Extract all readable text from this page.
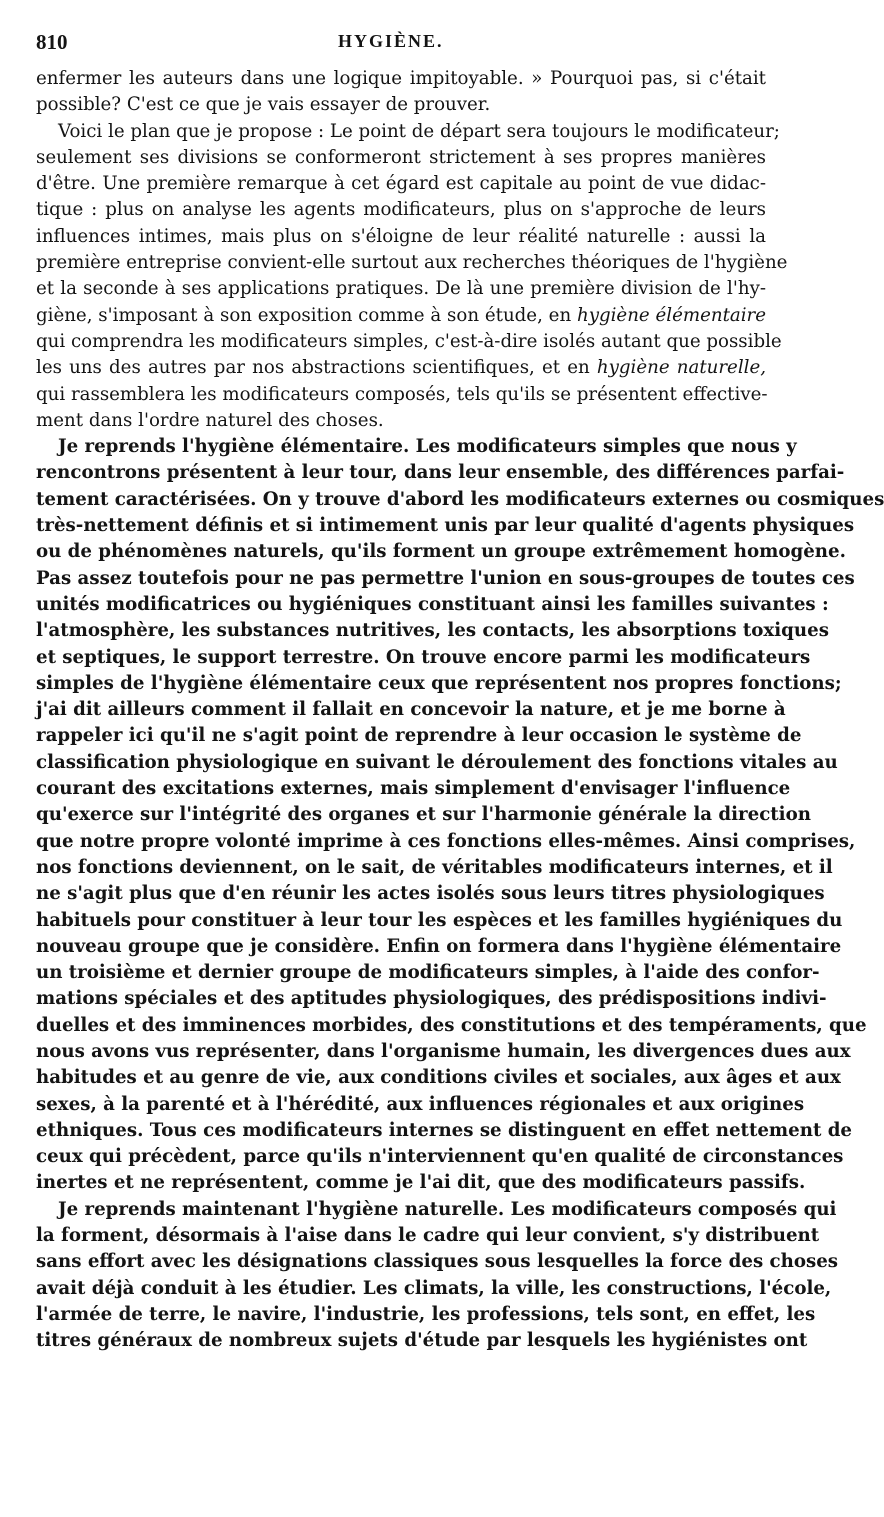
810	HYGIÈNE.
enfermer les auteurs dans une logique impitoyable. » Pourquoi pas, si c'était
possible? C'est ce que je vais essayer de prouver.
Voici le plan que je propose : Le point de départ sera toujours le modificateur;
seulement ses divisions se conformeront strictement à ses propres manières
d'être. Une première remarque à cet égard est capitale au point de vue didac-
tique : plus on analyse les agents modificateurs, plus on s'approche de leurs
influences intimes, mais plus on s'éloigne de leur réalité naturelle : aussi la
première entreprise convient-elle surtout aux recherches théoriques de l'hygiène
et la seconde à ses applications pratiques. De là une première division de l'hy-
giène, s'imposant à son exposition comme à son étude, en hygiène élémentaire
qui comprendra les modificateurs simples, c'est-à-dire isolés autant que possible
les uns des autres par nos abstractions scientifiques, et en hygiène naturelle,
qui rassemblera les modificateurs composés, tels qu'ils se présentent effective-
ment dans l'ordre naturel des choses.
Je reprends l'hygiène élémentaire. Les modificateurs simples que nous y
rencontrons présentent à leur tour, dans leur ensemble, des différences parfai-
tement caractérisées. On y trouve d'abord les modificateurs externes ou cosmiques
très-nettement définis et si intimement unis par leur qualité d'agents physiques
ou de phénomènes naturels, qu'ils forment un groupe extrêmement homogène.
Pas assez toutefois pour ne pas permettre l'union en sous-groupes de toutes ces
unités modificatrices ou hygiéniques constituant ainsi les familles suivantes :
l'atmosphère, les substances nutritives, les contacts, les absorptions toxiques
et septiques, le support terrestre. On trouve encore parmi les modificateurs
simples de l'hygiène élémentaire ceux que représentent nos propres fonctions;
j'ai dit ailleurs comment il fallait en concevoir la nature, et je me borne à
rappeler ici qu'il ne s'agit point de reprendre à leur occasion le système de
classification physiologique en suivant le déroulement des fonctions vitales au
courant des excitations externes, mais simplement d'envisager l'influence
qu'exerce sur l'intégrité des organes et sur l'harmonie générale la direction
que notre propre volonté imprime à ces fonctions elles-mêmes. Ainsi comprises,
nos fonctions deviennent, on le sait, de véritables modificateurs internes, et il
ne s'agit plus que d'en réunir les actes isolés sous leurs titres physiologiques
habituels pour constituer à leur tour les espèces et les familles hygiéniques du
nouveau groupe que je considère. Enfin on formera dans l'hygiène élémentaire
un troisième et dernier groupe de modificateurs simples, à l'aide des confor-
mations spéciales et des aptitudes physiologiques, des prédispositions indivi-
duelles et des imminences morbides, des constitutions et des tempéraments, que
nous avons vus représenter, dans l'organisme humain, les divergences dues aux
habitudes et au genre de vie, aux conditions civiles et sociales, aux âges et aux
sexes, à la parenté et à l'hérédité, aux influences régionales et aux origines
ethniques. Tous ces modificateurs internes se distinguent en effet nettement de
ceux qui précèdent, parce qu'ils n'interviennent qu'en qualité de circonstances
inertes et ne représentent, comme je l'ai dit, que des modificateurs passifs.
Je reprends maintenant l'hygiène naturelle. Les modificateurs composés qui
la forment, désormais à l'aise dans le cadre qui leur convient, s'y distribuent
sans effort avec les désignations classiques sous lesquelles la force des choses
avait déjà conduit à les étudier. Les climats, la ville, les constructions, l'école,
l'armée de terre, le navire, l'industrie, les professions, tels sont, en effet, les
titres généraux de nombreux sujets d'étude par lesquels les hygiénistes ont
